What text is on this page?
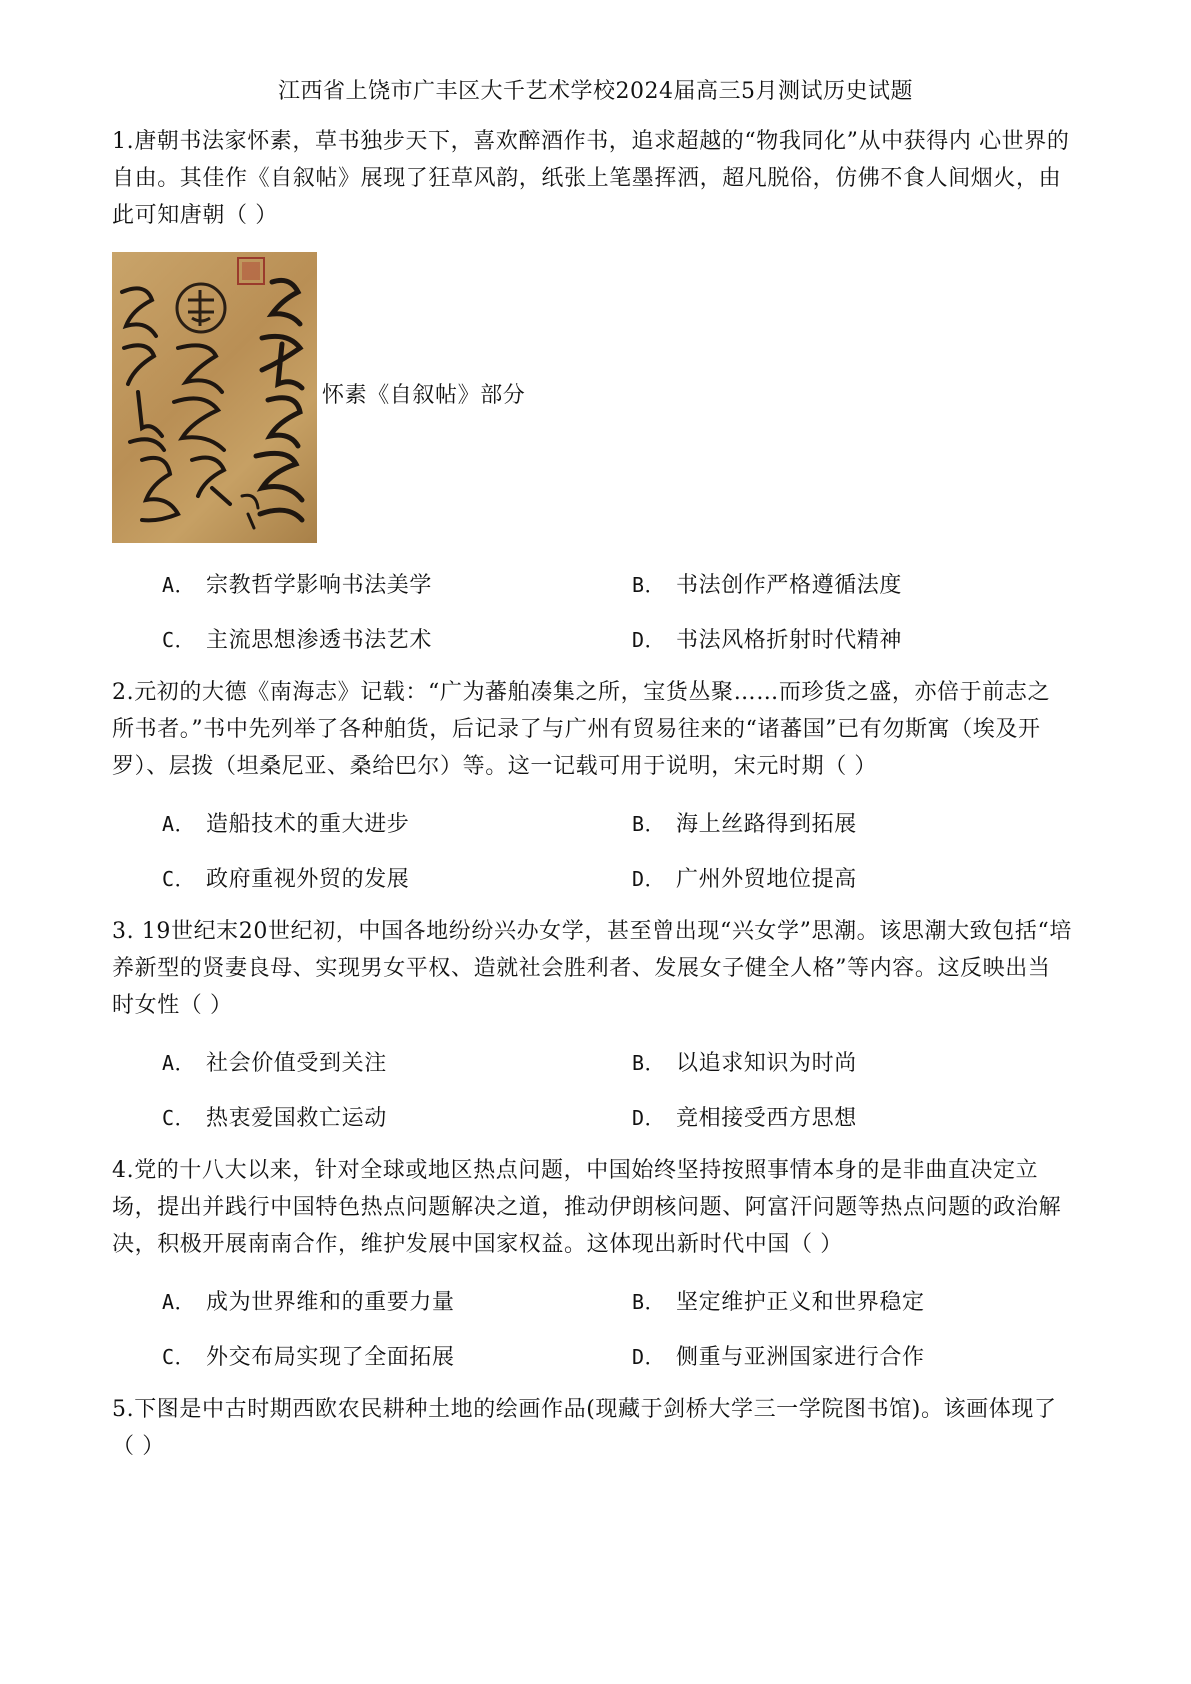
江西省上饶市广丰区大千艺术学校2024届高三5月测试历史试题

1.唐朝书法家怀素，草书独步天下，喜欢醉酒作书，追求超越的“物我同化”从中获得内 心世界的自由。其佳作《自叙帖》展现了狂草风韵，纸张上笔墨挥洒，超凡脱俗，仿佛不食人间烟火，由此可知唐朝（ ）

怀素《自叙帖》部分
A． 宗教哲学影响书法美学	B． 书法创作严格遵循法度
C． 主流思想渗透书法艺术	D． 书法风格折射时代精神

2.元初的大德《南海志》记载：“广为蕃舶凑集之所，宝货丛聚……而珍货之盛，亦倍于前志之所书者。”书中先列举了各种舶货，后记录了与广州有贸易往来的“诸蕃国”已有勿斯寓（埃及开罗）、层拨（坦桑尼亚、桑给巴尔）等。这一记载可用于说明，宋元时期（ ）

A． 造船技术的重大进步	B． 海上丝路得到拓展
C． 政府重视外贸的发展	D． 广州外贸地位提高

3. 19世纪末20世纪初，中国各地纷纷兴办女学，甚至曾出现“兴女学”思潮。该思潮大致包括“培养新型的贤妻良母、实现男女平权、造就社会胜利者、发展女子健全人格”等内容。这反映出当时女性（ ）

A． 社会价值受到关注	B． 以追求知识为时尚
C． 热衷爱国救亡运动	D． 竞相接受西方思想

4.党的十八大以来，针对全球或地区热点问题，中国始终坚持按照事情本身的是非曲直决定立场，提出并践行中国特色热点问题解决之道，推动伊朗核问题、阿富汗问题等热点问题的政治解决，积极开展南南合作，维护发展中国家权益。这体现出新时代中国（ ）

A． 成为世界维和的重要力量	B． 坚定维护正义和世界稳定
C． 外交布局实现了全面拓展	D． 侧重与亚洲国家进行合作

5.下图是中古时期西欧农民耕种土地的绘画作品(现藏于剑桥大学三一学院图书馆)。该画体现了（ ）
